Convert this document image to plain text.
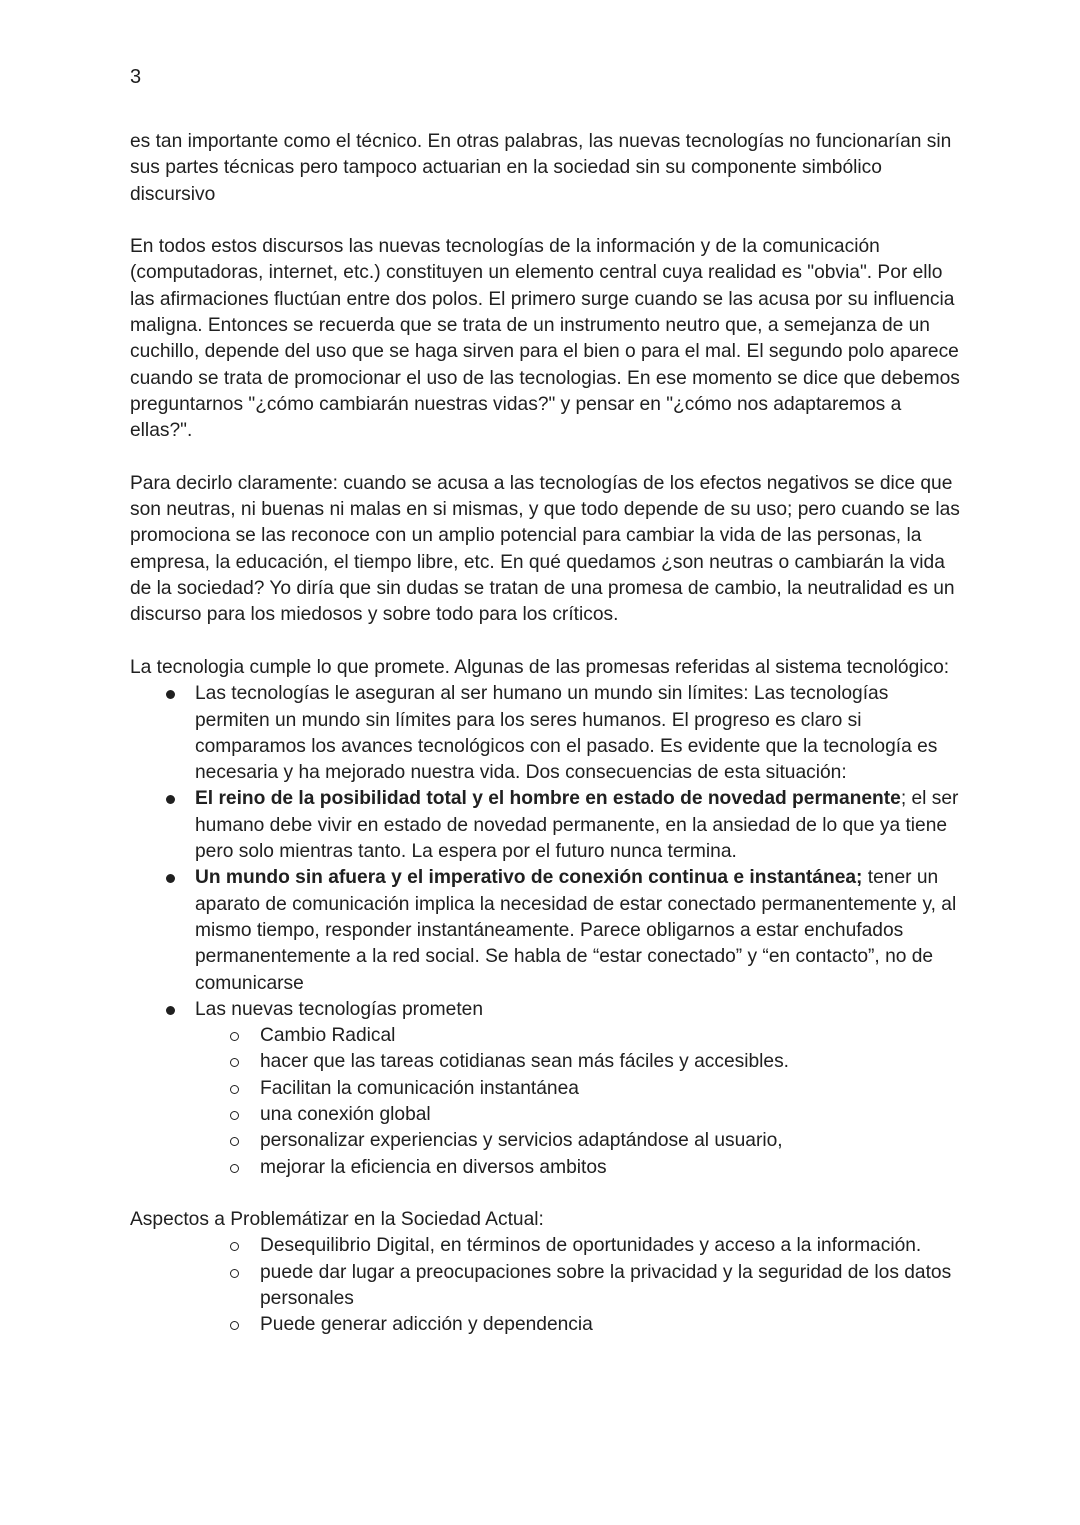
3

es tan importante como el técnico. En otras palabras, las nuevas tecnologías no funcionarían sin sus partes técnicas pero tampoco actuarian en la sociedad sin su componente simbólico discursivo

En todos estos discursos las nuevas tecnologías de la información y de la comunicación (computadoras, internet, etc.) constituyen un elemento central cuya realidad es "obvia". Por ello las afirmaciones fluctúan entre dos polos. El primero surge cuando se las acusa por su influencia maligna. Entonces se recuerda que se trata de un instrumento neutro que, a semejanza de un cuchillo, depende del uso que se haga sirven para el bien o para el mal. El segundo polo aparece cuando se trata de promocionar el uso de las tecnologias. En ese momento se dice que debemos preguntarnos "¿cómo cambiarán nuestras vidas?" y pensar en "¿cómo nos adaptaremos a ellas?".

Para decirlo claramente: cuando se acusa a las tecnologías de los efectos negativos se dice que son neutras, ni buenas ni malas en si mismas, y que todo depende de su uso; pero cuando se las promociona se las reconoce con un amplio potencial para cambiar la vida de las personas, la empresa, la educación, el tiempo libre, etc. En qué quedamos ¿son neutras o cambiarán la vida de la sociedad? Yo diría que sin dudas se tratan de una promesa de cambio, la neutralidad es un discurso para los miedosos y sobre todo para los críticos.

La tecnologia cumple lo que promete. Algunas de las promesas referidas al sistema tecnológico:
Las tecnologías le aseguran al ser humano un mundo sin límites: Las tecnologías permiten un mundo sin límites para los seres humanos. El progreso es claro si comparamos los avances tecnológicos con el pasado. Es evidente que la tecnología es necesaria y ha mejorado nuestra vida. Dos consecuencias de esta situación:
El reino de la posibilidad total y el hombre en estado de novedad permanente; el ser humano debe vivir en estado de novedad permanente, en la ansiedad de lo que ya tiene pero solo mientras tanto. La espera por el futuro nunca termina.
Un mundo sin afuera y el imperativo de conexión continua e instantánea; tener un aparato de comunicación implica la necesidad de estar conectado permanentemente y, al mismo tiempo, responder instantáneamente. Parece obligarnos a estar enchufados permanentemente a la red social. Se habla de “estar conectado” y “en contacto”, no de comunicarse
Las nuevas tecnologías prometen
Cambio Radical
hacer que las tareas cotidianas sean más fáciles y accesibles.
Facilitan la comunicación instantánea
una conexión global
personalizar experiencias y servicios adaptándose al usuario,
mejorar la eficiencia en diversos ambitos
Aspectos a Problemátizar en la Sociedad Actual:
Desequilibrio Digital, en términos de oportunidades y acceso a la información.
puede dar lugar a preocupaciones sobre la privacidad y la seguridad de los datos personales
Puede generar adicción y dependencia
